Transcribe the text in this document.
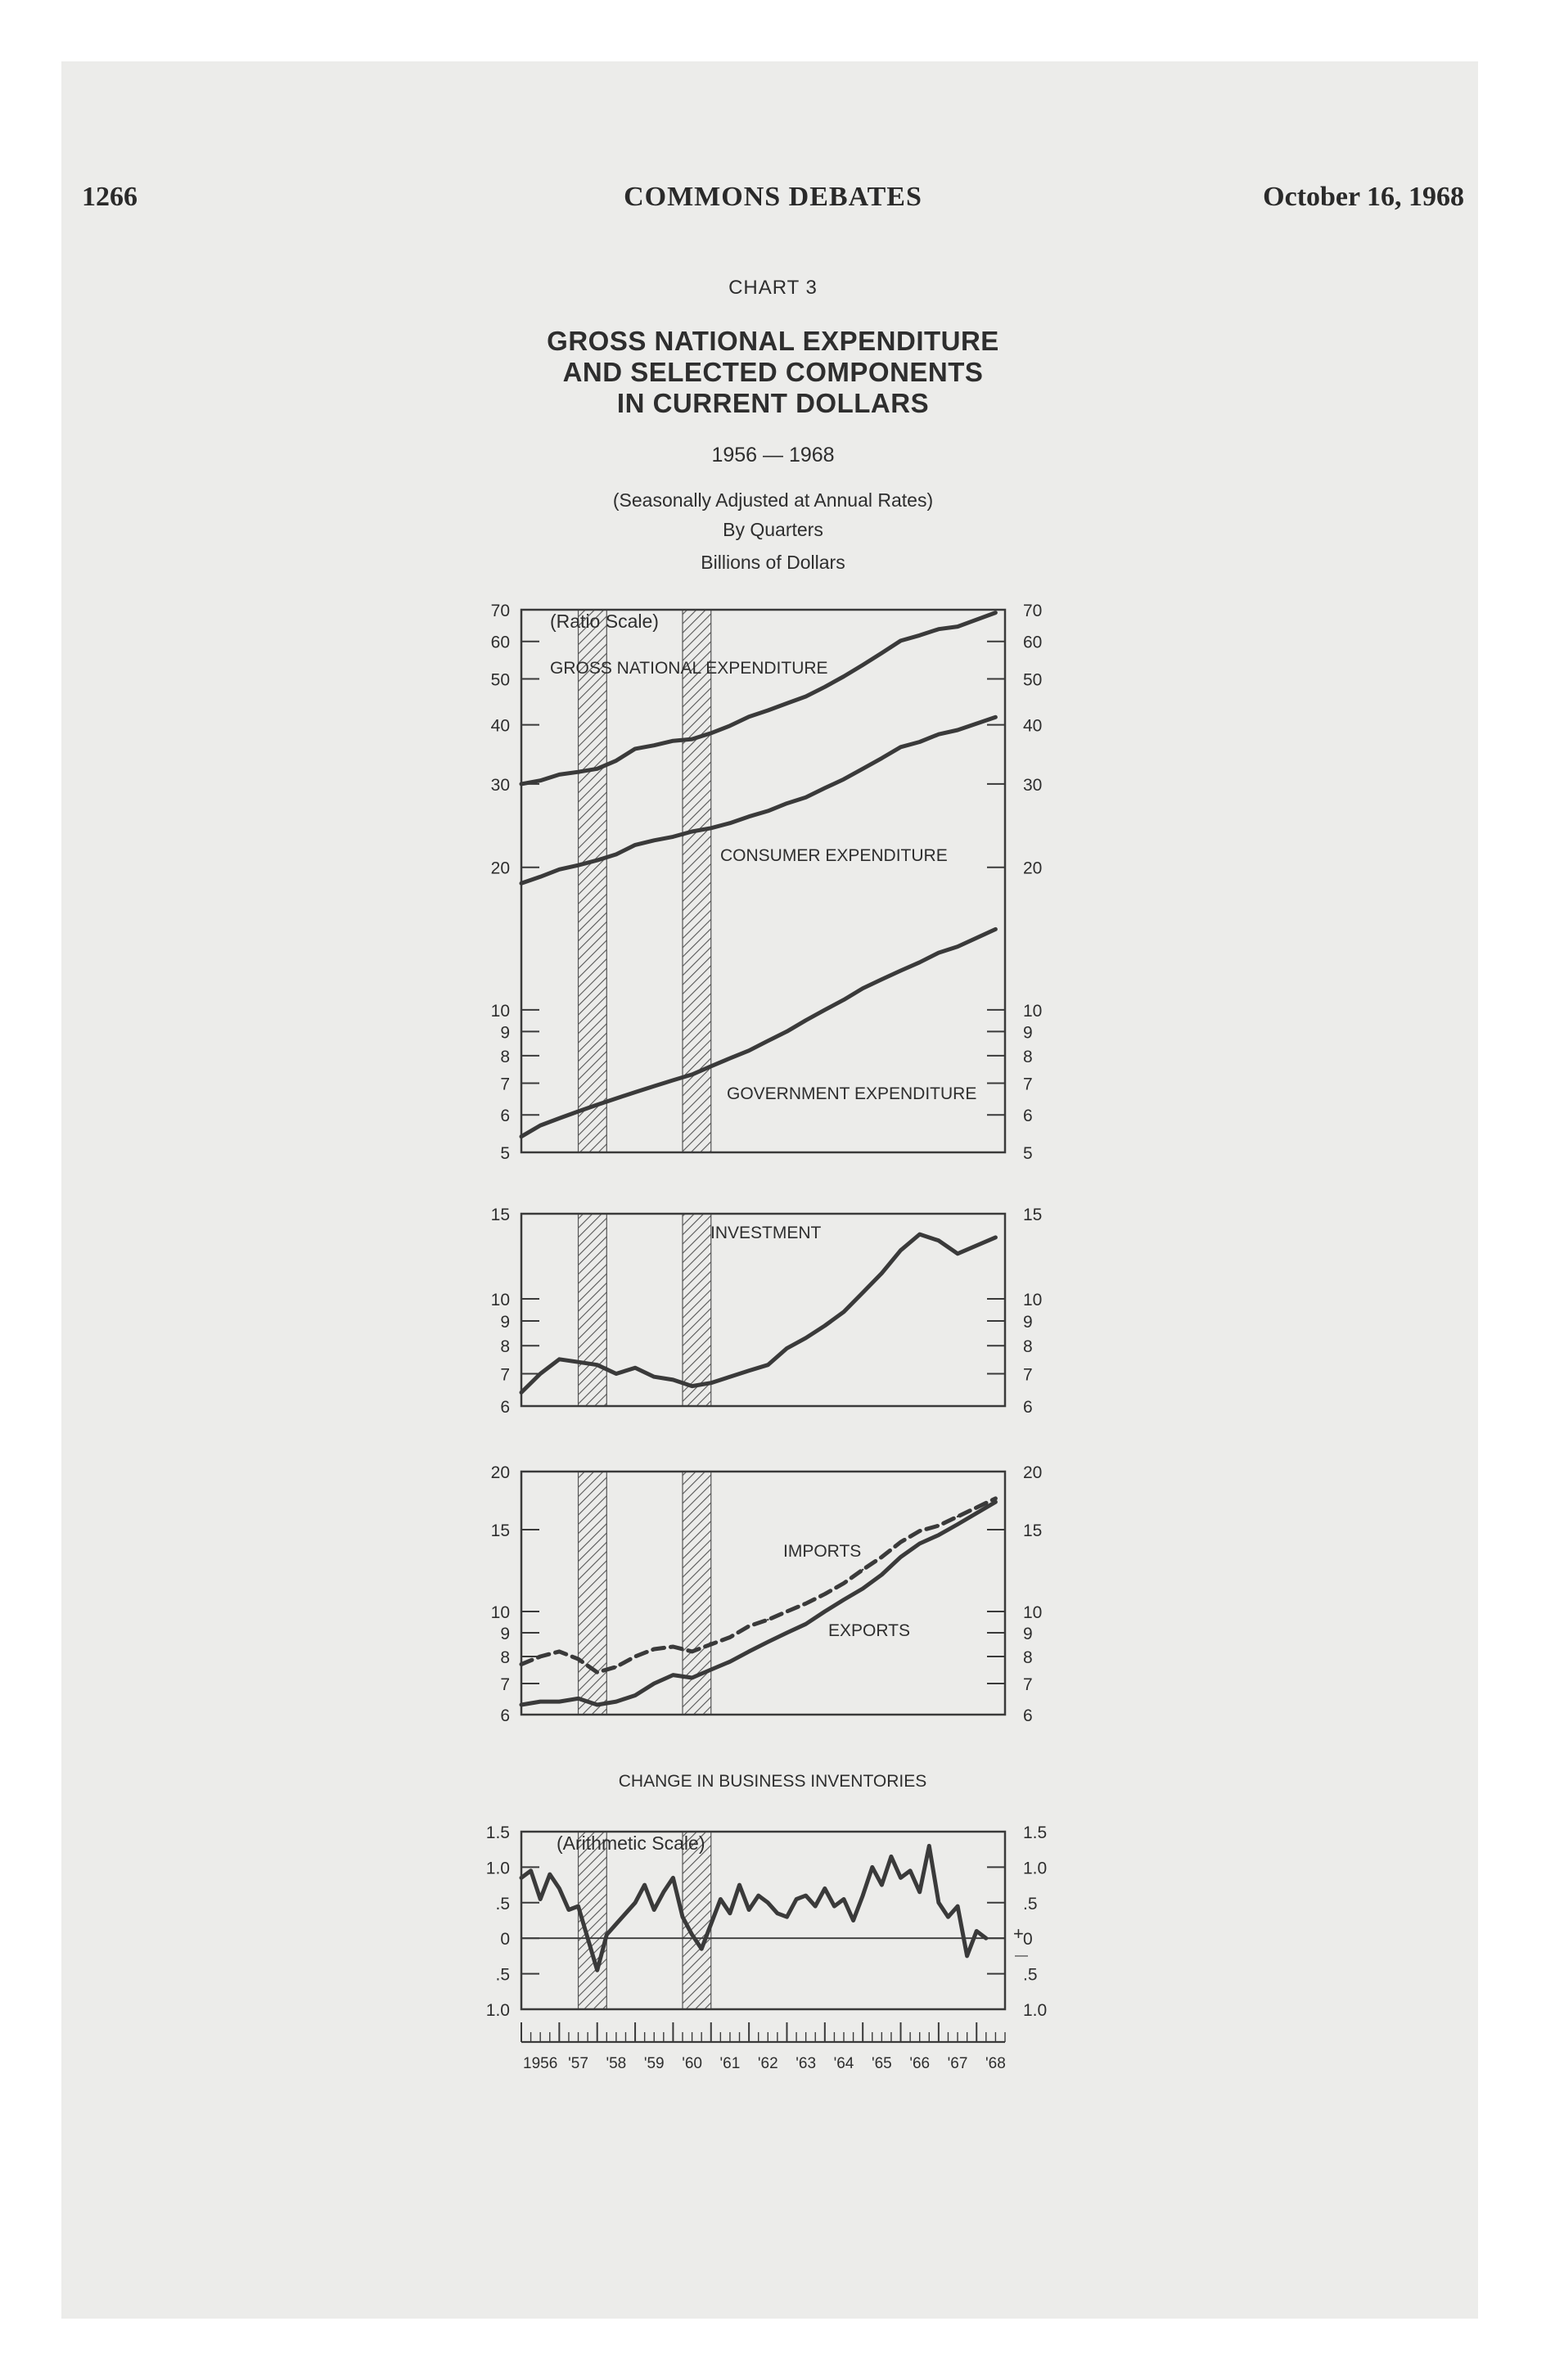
1266	COMMONS DEBATES	October 16, 1968
CHART 3
GROSS NATIONAL EXPENDITURE
AND SELECTED COMPONENTS
IN CURRENT DOLLARS
1956 — 1968
(Seasonally Adjusted at Annual Rates)
By Quarters
Billions of Dollars
70
60
50
40
30
20
10
9
8
7
6
5
70
60
50
40
30
20
10
9
8
7
6
5
(Ratio Scale)
GROSS NATIONAL EXPENDITURE
CONSUMER EXPENDITURE
GOVERNMENT EXPENDITURE
15
10
9
8
7
6
15
10
9
8
7
6
INVESTMENT
20
15
10
9
8
7
6
20
15
10
9
8
7
6
IMPORTS
EXPORTS
1.5
1.0
.5
0
.5
1.0
1.5
1.0
.5
0
.5
1.0
+
—
(Arithmetic Scale)
CHANGE IN BUSINESS INVENTORIES
1956 '57 '58 '59 '60 '61 '62 '63 '64 '65 '66 '67 '68
